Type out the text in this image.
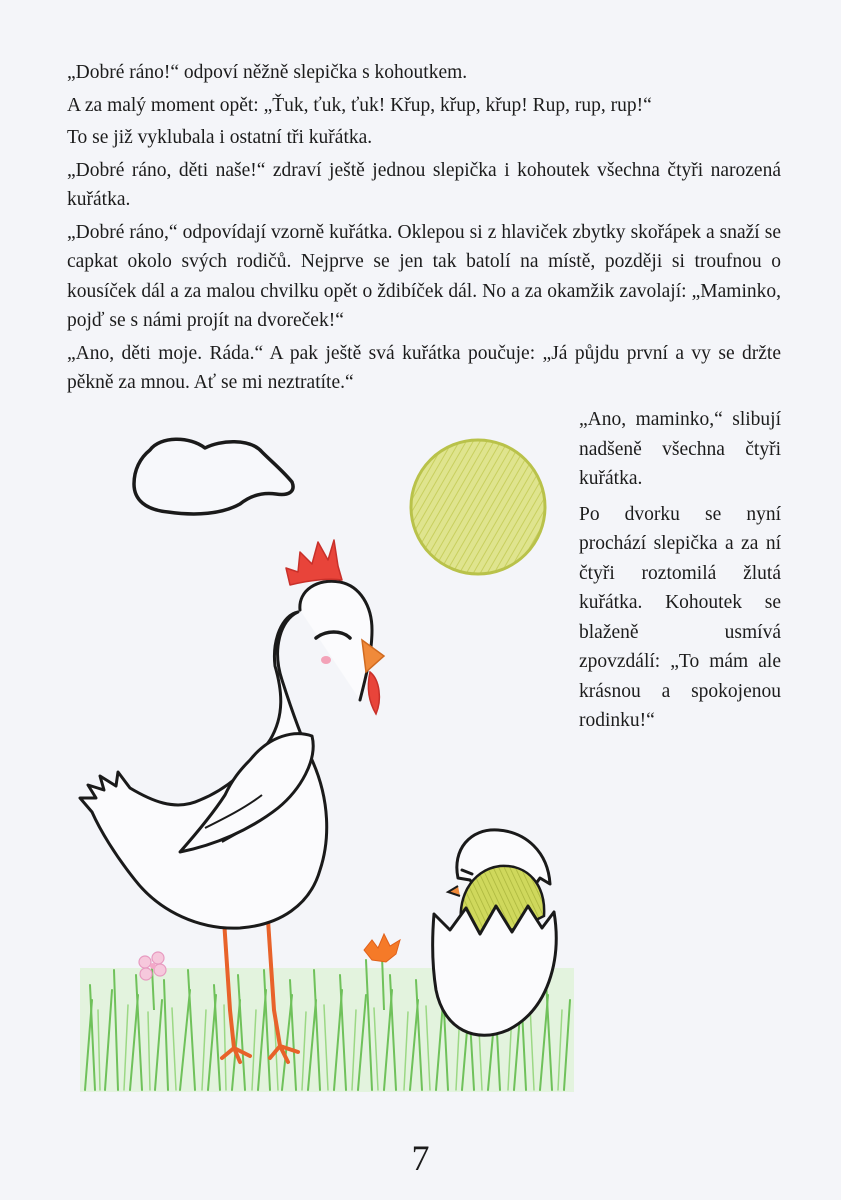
„Dobré ráno!“ odpoví něžně slepička s kohoutkem.

A za malý moment opět: „Ťuk, ťuk, ťuk! Křup, křup, křup! Rup, rup, rup!“

To se již vyklubala i ostatní tři kuřátka.

„Dobré ráno, děti naše!“ zdraví ještě jednou slepička i kohoutek všechna čtyři narozená kuřátka.

„Dobré ráno,“ odpovídají vzorně kuřátka. Oklepou si z hlaviček zbytky skořápek a snaží se capkat okolo svých rodičů. Nejprve se jen tak batolí na místě, později si troufnou o kousíček dál a za malou chvilku opět o ždibíček dál. No a za okamžik zavolají: „Maminko, pojď se s námi projít na dvoreček!“

„Ano, děti moje. Ráda.“ A pak ještě svá kuřátka poučuje: „Já půjdu první a vy se držte pěkně za mnou. Ať se mi neztratíte.“

„Ano, maminko,“ slibují nadšeně všechna čtyři kuřátka.

Po dvorku se nyní prochází slepička a za ní čtyři roztomilá žlutá kuřátka. Kohoutek se blaženě usmívá zpovzdálí: „To mám ale krásnou a spokojenou rodinku!“

7
